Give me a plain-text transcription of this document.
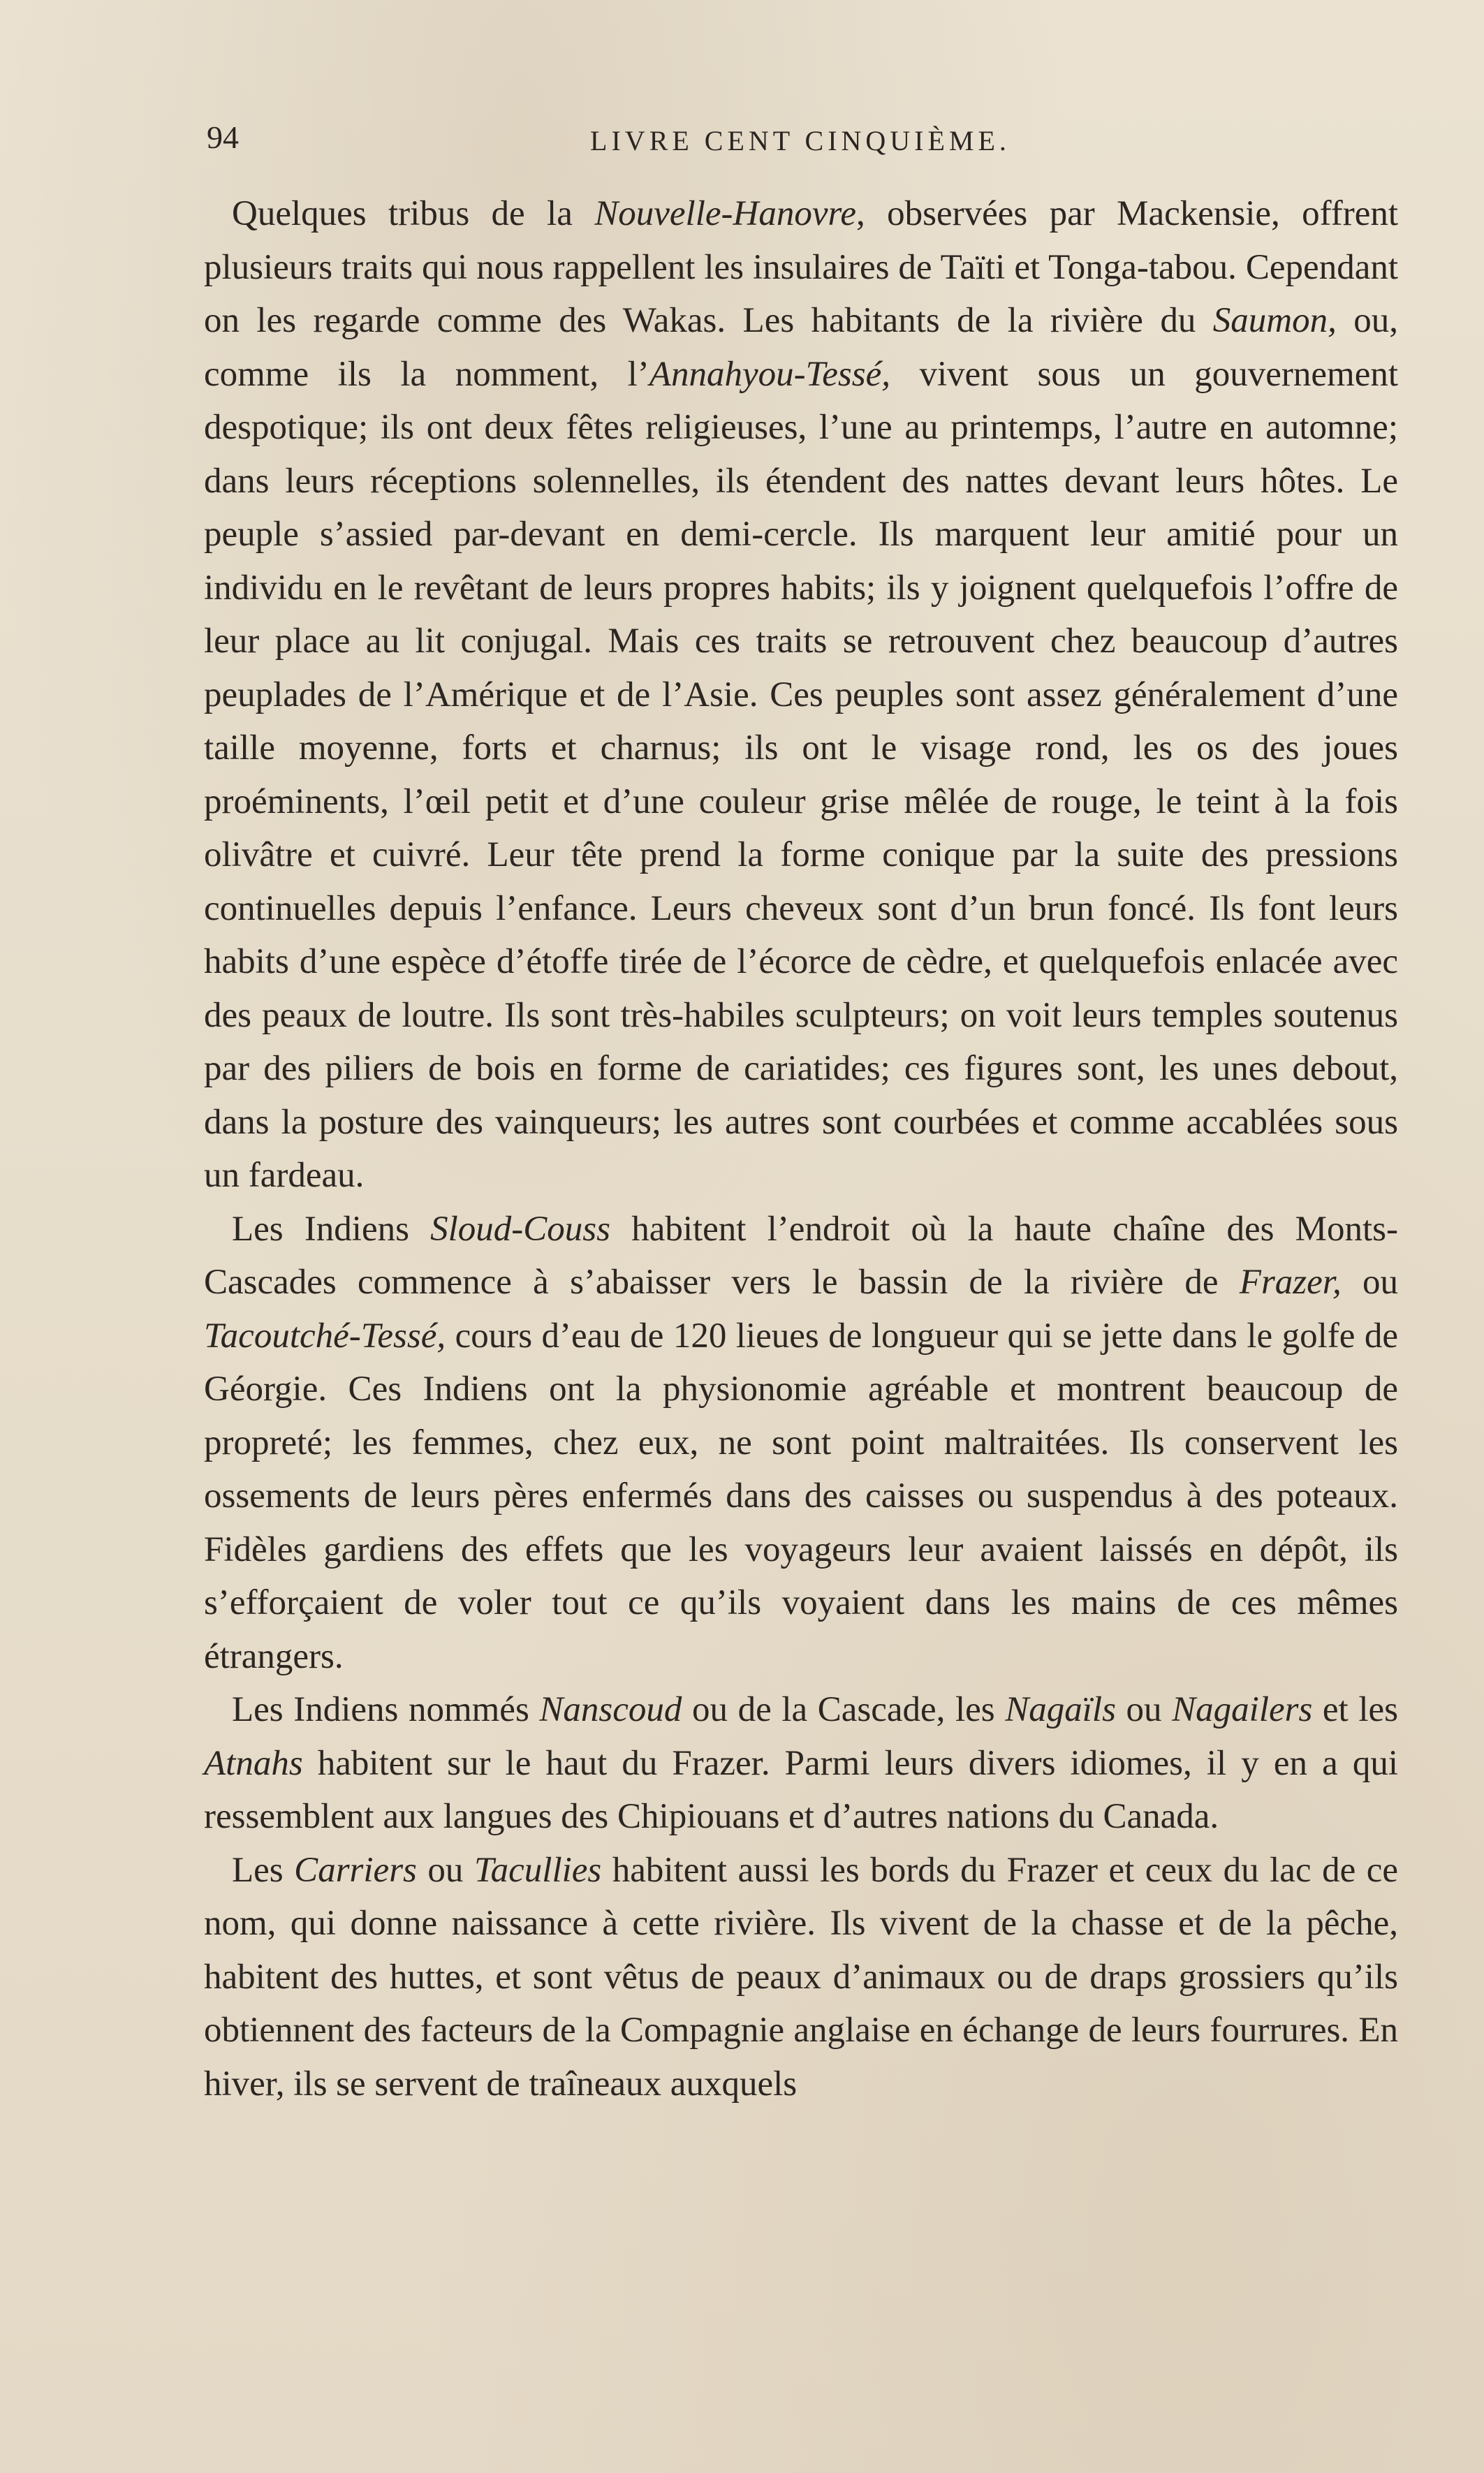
94	LIVRE CENT CINQUIÈME.

Quelques tribus de la Nouvelle-Hanovre, observées par Mackensie, offrent plusieurs traits qui nous rappellent les insulaires de Taïti et Tonga-tabou. Cependant on les regarde comme des Wakas. Les habitants de la rivière du Saumon, ou, comme ils la nomment, l’Annahyou-Tessé, vivent sous un gouvernement despotique; ils ont deux fêtes religieuses, l’une au printemps, l’autre en automne; dans leurs réceptions solennelles, ils étendent des nattes devant leurs hôtes. Le peuple s’assied par-devant en demi-cercle. Ils marquent leur amitié pour un individu en le revêtant de leurs propres habits; ils y joignent quelquefois l’offre de leur place au lit conjugal. Mais ces traits se retrouvent chez beaucoup d’autres peuplades de l’Amérique et de l’Asie. Ces peuples sont assez généralement d’une taille moyenne, forts et charnus; ils ont le visage rond, les os des joues proéminents, l’œil petit et d’une couleur grise mêlée de rouge, le teint à la fois olivâtre et cuivré. Leur tête prend la forme conique par la suite des pressions continuelles depuis l’enfance. Leurs cheveux sont d’un brun foncé. Ils font leurs habits d’une espèce d’étoffe tirée de l’écorce de cèdre, et quelquefois enlacée avec des peaux de loutre. Ils sont très-habiles sculpteurs; on voit leurs temples soutenus par des piliers de bois en forme de cariatides; ces figures sont, les unes debout, dans la posture des vainqueurs; les autres sont courbées et comme accablées sous un fardeau.

Les Indiens Sloud-Couss habitent l’endroit où la haute chaîne des Monts-Cascades commence à s’abaisser vers le bassin de la rivière de Frazer, ou Tacoutché-Tessé, cours d’eau de 120 lieues de longueur qui se jette dans le golfe de Géorgie. Ces Indiens ont la physionomie agréable et montrent beaucoup de propreté; les femmes, chez eux, ne sont point maltraitées. Ils conservent les ossements de leurs pères enfermés dans des caisses ou suspendus à des poteaux. Fidèles gardiens des effets que les voyageurs leur avaient laissés en dépôt, ils s’efforçaient de voler tout ce qu’ils voyaient dans les mains de ces mêmes étrangers.

Les Indiens nommés Nanscoud ou de la Cascade, les Nagaïls ou Nagailers et les Atnahs habitent sur le haut du Frazer. Parmi leurs divers idiomes, il y en a qui ressemblent aux langues des Chipiouans et d’autres nations du Canada.

Les Carriers ou Tacullies habitent aussi les bords du Frazer et ceux du lac de ce nom, qui donne naissance à cette rivière. Ils vivent de la chasse et de la pêche, habitent des huttes, et sont vêtus de peaux d’animaux ou de draps grossiers qu’ils obtiennent des facteurs de la Compagnie anglaise en échange de leurs fourrures. En hiver, ils se servent de traîneaux auxquels
